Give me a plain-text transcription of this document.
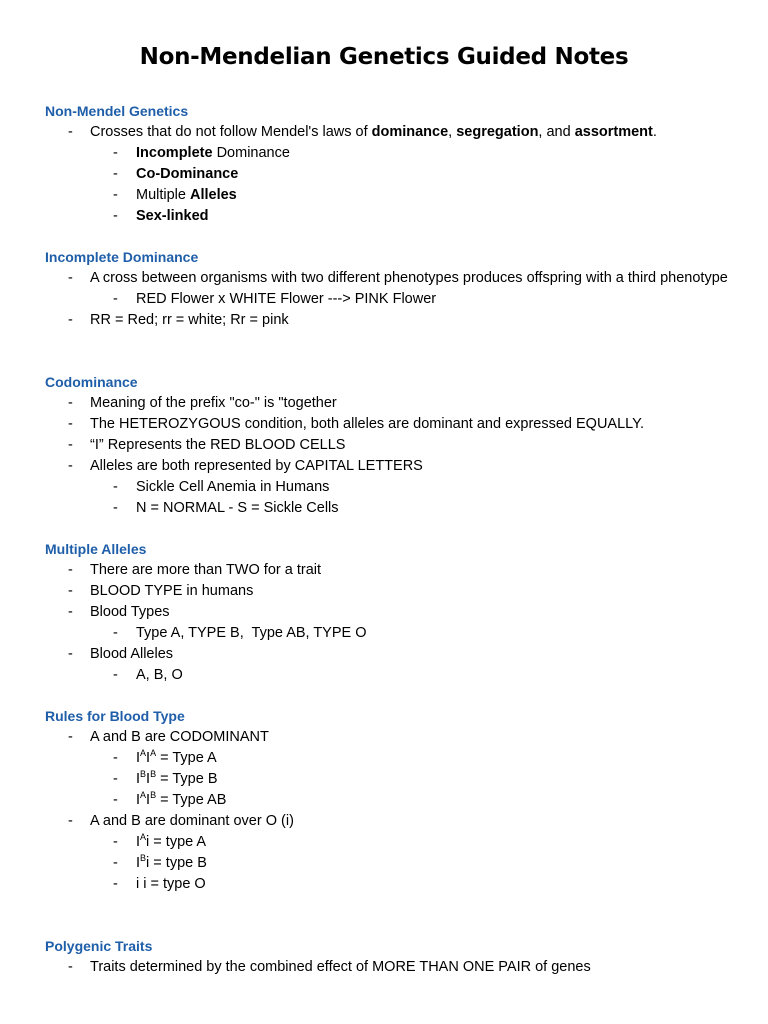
Non-Mendelian Genetics Guided Notes
Non-Mendel Genetics
- Crosses that do not follow Mendel's laws of dominance, segregation, and assortment.
- Incomplete Dominance
- Co-Dominance
- Multiple Alleles
- Sex-linked
Incomplete Dominance
- A cross between organisms with two different phenotypes produces offspring with a third phenotype
- RED Flower x WHITE Flower ---> PINK Flower
- RR = Red; rr = white; Rr = pink
Codominance
- Meaning of the prefix "co-" is "together
- The HETEROZYGOUS condition, both alleles are dominant and expressed EQUALLY.
- “I” Represents the RED BLOOD CELLS
- Alleles are both represented by CAPITAL LETTERS
- Sickle Cell Anemia in Humans
- N = NORMAL - S = Sickle Cells
Multiple Alleles
- There are more than TWO for a trait
- BLOOD TYPE in humans
- Blood Types
- Type A, TYPE B,  Type AB, TYPE O
- Blood Alleles
- A, B, O
Rules for Blood Type
- A and B are CODOMINANT
- $I^AI^A$ = Type A
- $I^BI^B$ = Type B
- $I^AI^B$ = Type AB
- A and B are dominant over O (i)
- $I^Ai$ = type A
- $I^Bi$ = type B
- i i = type O
Polygenic Traits
- Traits determined by the combined effect of MORE THAN ONE PAIR of genes
